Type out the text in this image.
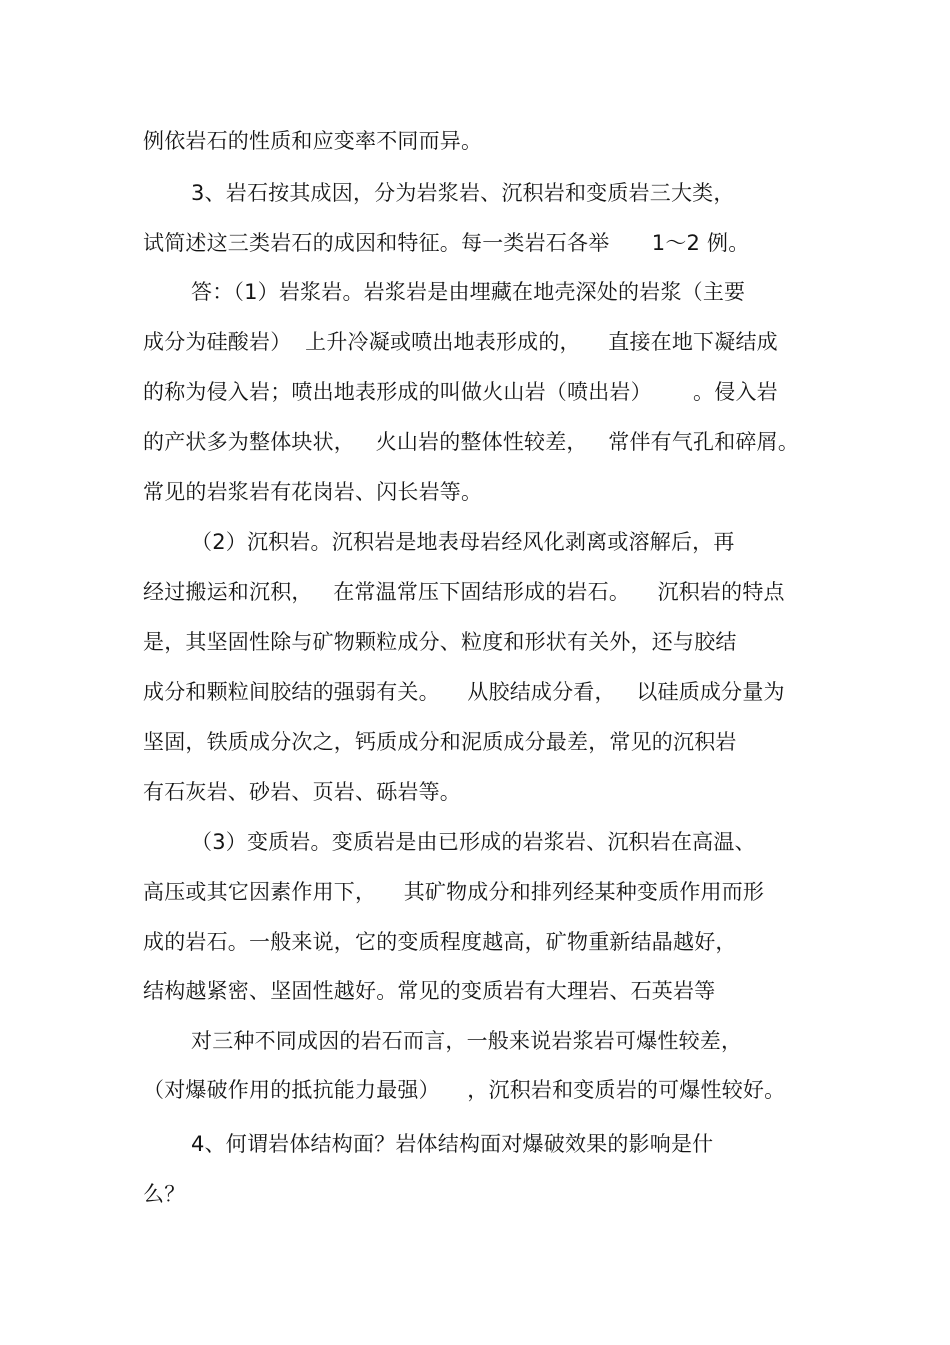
例依岩石的性质和应变率不同而异。
3、岩石按其成因，分为岩浆岩、沉积岩和变质岩三大类，
试简述这三类岩石的成因和特征。每一类岩石各举　　1～2 例。
答：（1）岩浆岩。岩浆岩是由埋藏在地壳深处的岩浆（主要
成分为硅酸岩）  上升冷凝或喷出地表形成的，    直接在地下凝结成
的称为侵入岩；喷出地表形成的叫做火山岩（喷出岩）      。侵入岩
的产状多为整体块状，   火山岩的整体性较差，   常伴有气孔和碎屑。
常见的岩浆岩有花岗岩、闪长岩等。
（2）沉积岩。沉积岩是地表母岩经风化剥离或溶解后，再
经过搬运和沉积，   在常温常压下固结形成的岩石。    沉积岩的特点
是，其坚固性除与矿物颗粒成分、粒度和形状有关外，还与胶结
成分和颗粒间胶结的强弱有关。    从胶结成分看，   以硅质成分量为
坚固，铁质成分次之，钙质成分和泥质成分最差，常见的沉积岩
有石灰岩、砂岩、页岩、砾岩等。
（3）变质岩。变质岩是由已形成的岩浆岩、沉积岩在高温、
高压或其它因素作用下，    其矿物成分和排列经某种变质作用而形
成的岩石。一般来说，它的变质程度越高，矿物重新结晶越好，
结构越紧密、坚固性越好。常见的变质岩有大理岩、石英岩等
对三种不同成因的岩石而言，一般来说岩浆岩可爆性较差，
（对爆破作用的抵抗能力最强）    ，沉积岩和变质岩的可爆性较好。
4、何谓岩体结构面？岩体结构面对爆破效果的影响是什
么？
